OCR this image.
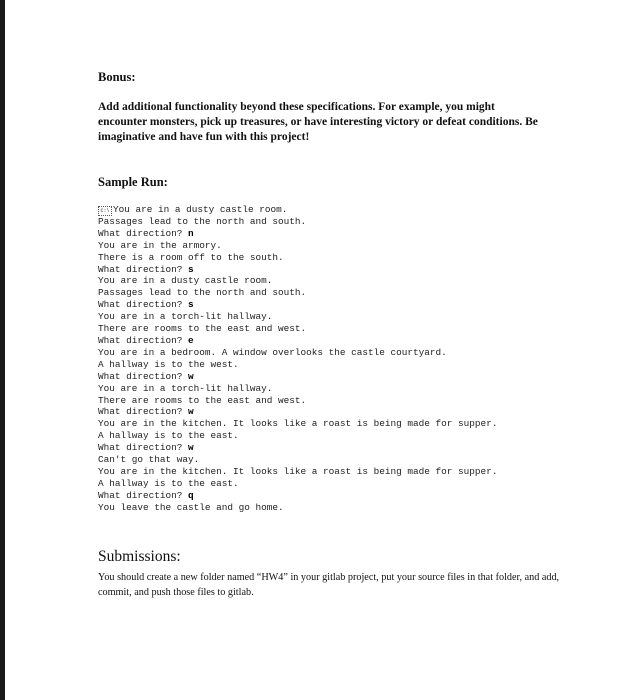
Bonus:

Add additional functionality beyond these specifications. For example, you might encounter monsters, pick up treasures, or have interesting victory or defeat conditions. Be imaginative and have fun with this project!

Sample Run:
C:\ You are in a dusty castle room.
Passages lead to the north and south.
What direction? n
You are in the armory.
There is a room off to the south.
What direction? s
You are in a dusty castle room.
Passages lead to the north and south.
What direction? s
You are in a torch-lit hallway.
There are rooms to the east and west.
What direction? e
You are in a bedroom. A window overlooks the castle courtyard.
A hallway is to the west.
What direction? w
You are in a torch-lit hallway.
There are rooms to the east and west.
What direction? w
You are in the kitchen. It looks like a roast is being made for supper.
A hallway is to the east.
What direction? w
Can't go that way.
You are in the kitchen. It looks like a roast is being made for supper.
A hallway is to the east.
What direction? q
You leave the castle and go home.
Submissions:

You should create a new folder named “HW4” in your gitlab project, put your source files in that folder, and add, commit, and push those files to gitlab.
